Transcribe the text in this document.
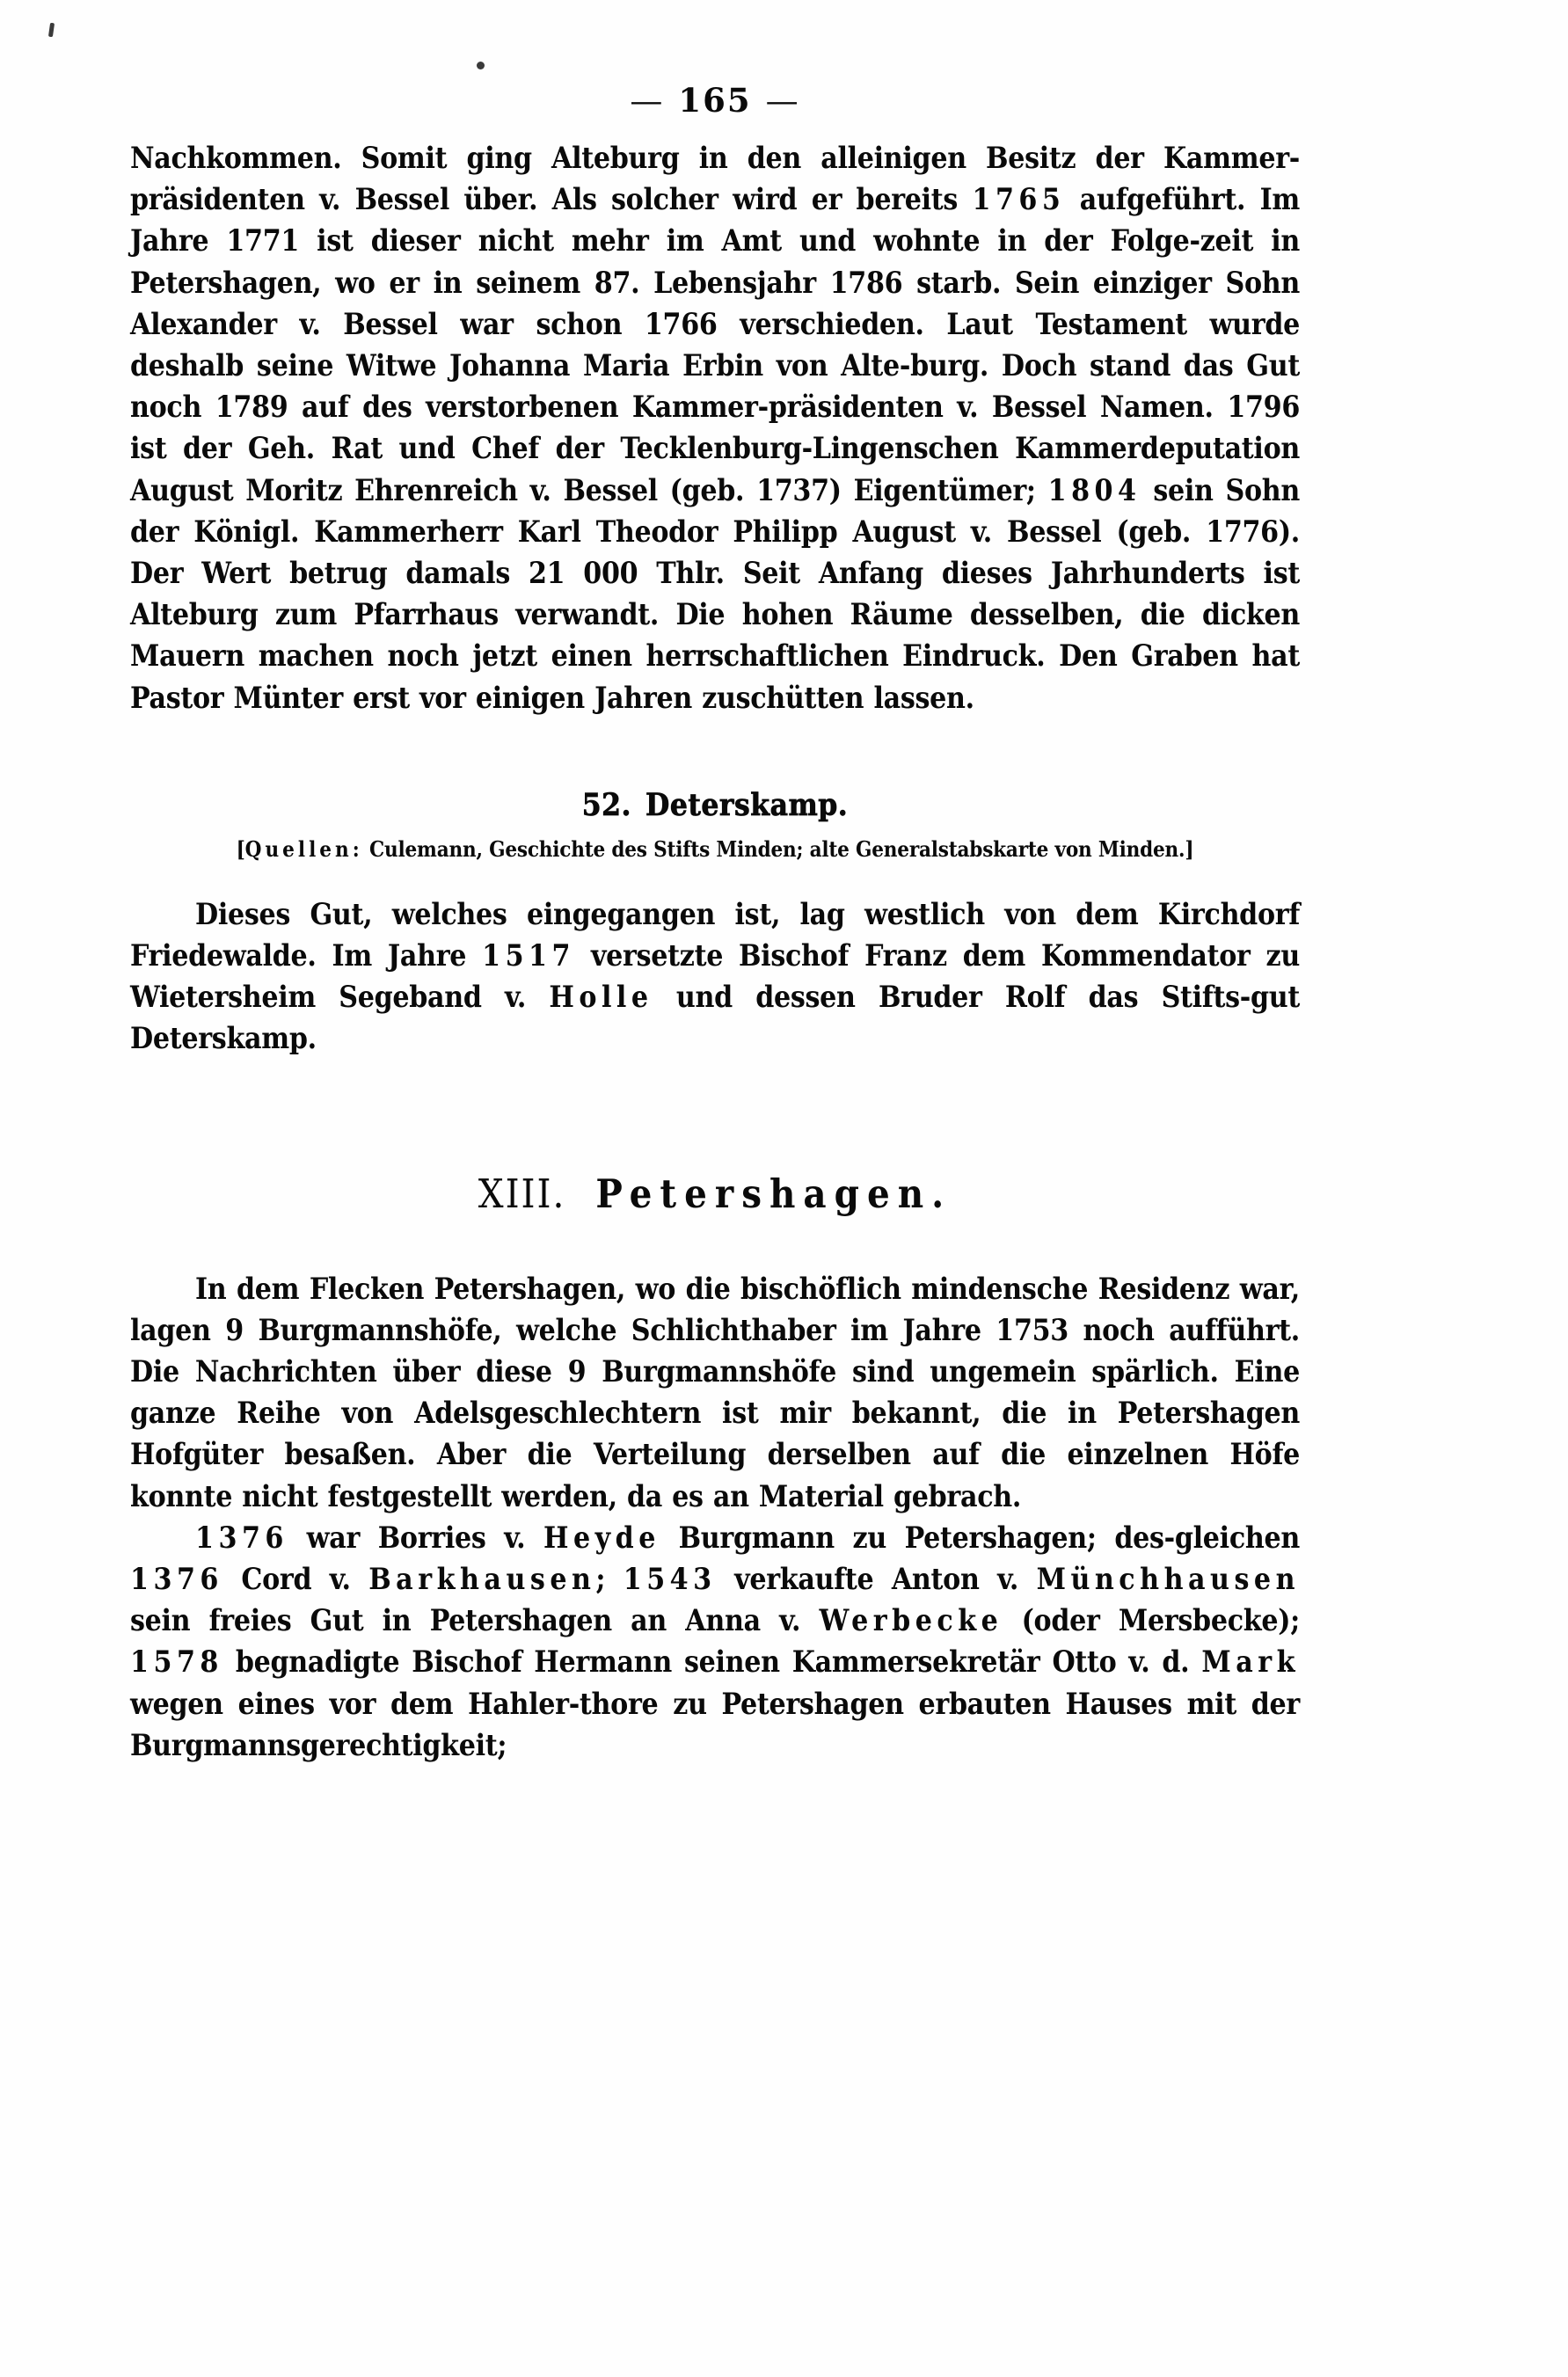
— 165 —

Nachkommen. Somit ging Alteburg in den alleinigen Besitz der Kammer-präsidenten v. Bessel über. Als solcher wird er bereits 1765 aufgeführt. Im Jahre 1771 ist dieser nicht mehr im Amt und wohnte in der Folge-zeit in Petershagen, wo er in seinem 87. Lebensjahr 1786 starb. Sein einziger Sohn Alexander v. Bessel war schon 1766 verschieden. Laut Testament wurde deshalb seine Witwe Johanna Maria Erbin von Alte-burg. Doch stand das Gut noch 1789 auf des verstorbenen Kammer-präsidenten v. Bessel Namen. 1796 ist der Geh. Rat und Chef der Tecklenburg-Lingenschen Kammerdeputation August Moritz Ehrenreich v. Bessel (geb. 1737) Eigentümer; 1804 sein Sohn der Königl. Kammerherr Karl Theodor Philipp August v. Bessel (geb. 1776). Der Wert betrug damals 21 000 Thlr. Seit Anfang dieses Jahrhunderts ist Alteburg zum Pfarrhaus verwandt. Die hohen Räume desselben, die dicken Mauern machen noch jetzt einen herrschaftlichen Eindruck. Den Graben hat Pastor Münter erst vor einigen Jahren zuschütten lassen.

52. Deterskamp.
[Quellen: Culemann, Geschichte des Stifts Minden; alte Generalstabskarte von Minden.]

Dieses Gut, welches eingegangen ist, lag westlich von dem Kirchdorf Friedewalde. Im Jahre 1517 versetzte Bischof Franz dem Kommendator zu Wietersheim Segeband v. Holle und dessen Bruder Rolf das Stifts-gut Deterskamp.

XIII. Petershagen.

In dem Flecken Petershagen, wo die bischöflich mindensche Residenz war, lagen 9 Burgmannshöfe, welche Schlichthaber im Jahre 1753 noch aufführt. Die Nachrichten über diese 9 Burgmannshöfe sind ungemein spärlich. Eine ganze Reihe von Adelsgeschlechtern ist mir bekannt, die in Petershagen Hofgüter besaßen. Aber die Verteilung derselben auf die einzelnen Höfe konnte nicht festgestellt werden, da es an Material gebrach.

1376 war Borries v. Heyde Burgmann zu Petershagen; des-gleichen 1376 Cord v. Barkhausen; 1543 verkaufte Anton v. Münchhausen sein freies Gut in Petershagen an Anna v. Werbecke (oder Mersbecke); 1578 begnadigte Bischof Hermann seinen Kammersekretär Otto v. d. Mark wegen eines vor dem Hahler-thore zu Petershagen erbauten Hauses mit der Burgmannsgerechtigkeit;
